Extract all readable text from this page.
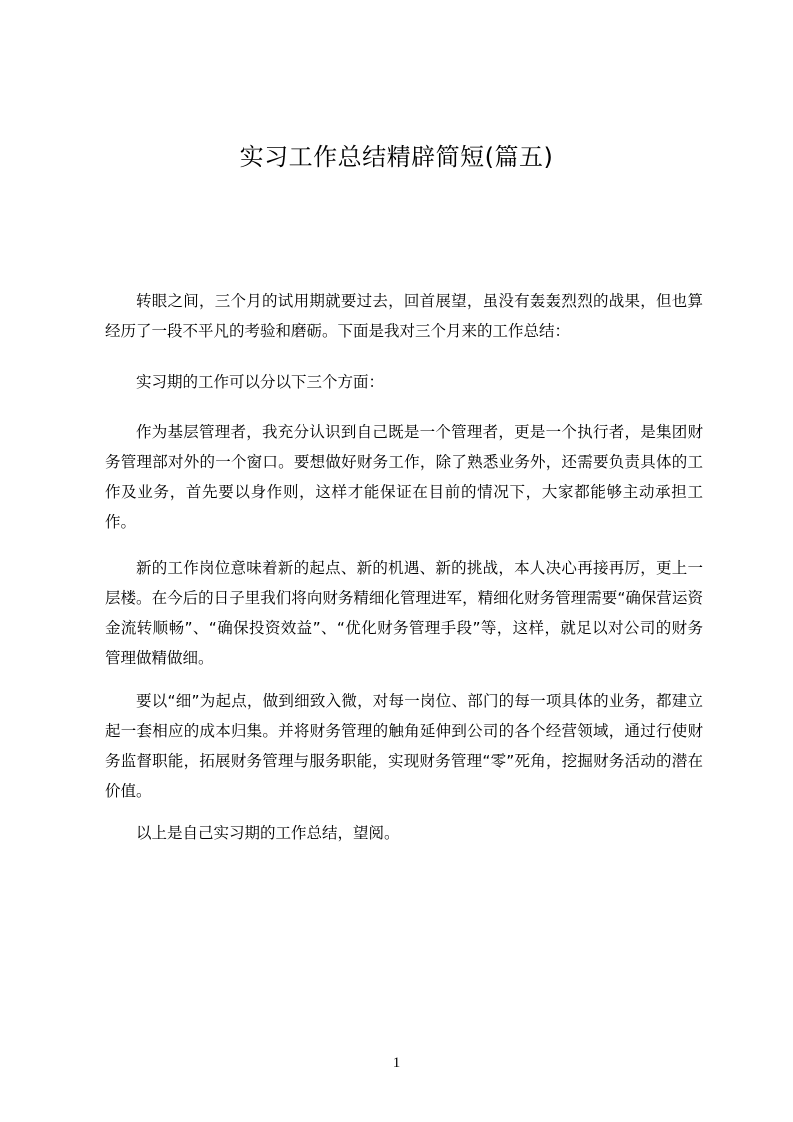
实习工作总结精辟简短(篇五)

转眼之间，三个月的试用期就要过去，回首展望，虽没有轰轰烈烈的战果，但也算经历了一段不平凡的考验和磨砺。下面是我对三个月来的工作总结：

实习期的工作可以分以下三个方面：

作为基层管理者，我充分认识到自己既是一个管理者，更是一个执行者，是集团财务管理部对外的一个窗口。要想做好财务工作，除了熟悉业务外，还需要负责具体的工作及业务，首先要以身作则，这样才能保证在目前的情况下，大家都能够主动承担工作。

新的工作岗位意味着新的起点、新的机遇、新的挑战，本人决心再接再厉，更上一层楼。在今后的日子里我们将向财务精细化管理进军，精细化财务管理需要“确保营运资金流转顺畅”、“确保投资效益”、“优化财务管理手段”等，这样，就足以对公司的财务管理做精做细。

要以“细”为起点，做到细致入微，对每一岗位、部门的每一项具体的业务，都建立起一套相应的成本归集。并将财务管理的触角延伸到公司的各个经营领域，通过行使财务监督职能，拓展财务管理与服务职能，实现财务管理“零”死角，挖掘财务活动的潜在价值。

以上是自己实习期的工作总结，望阅。

1
